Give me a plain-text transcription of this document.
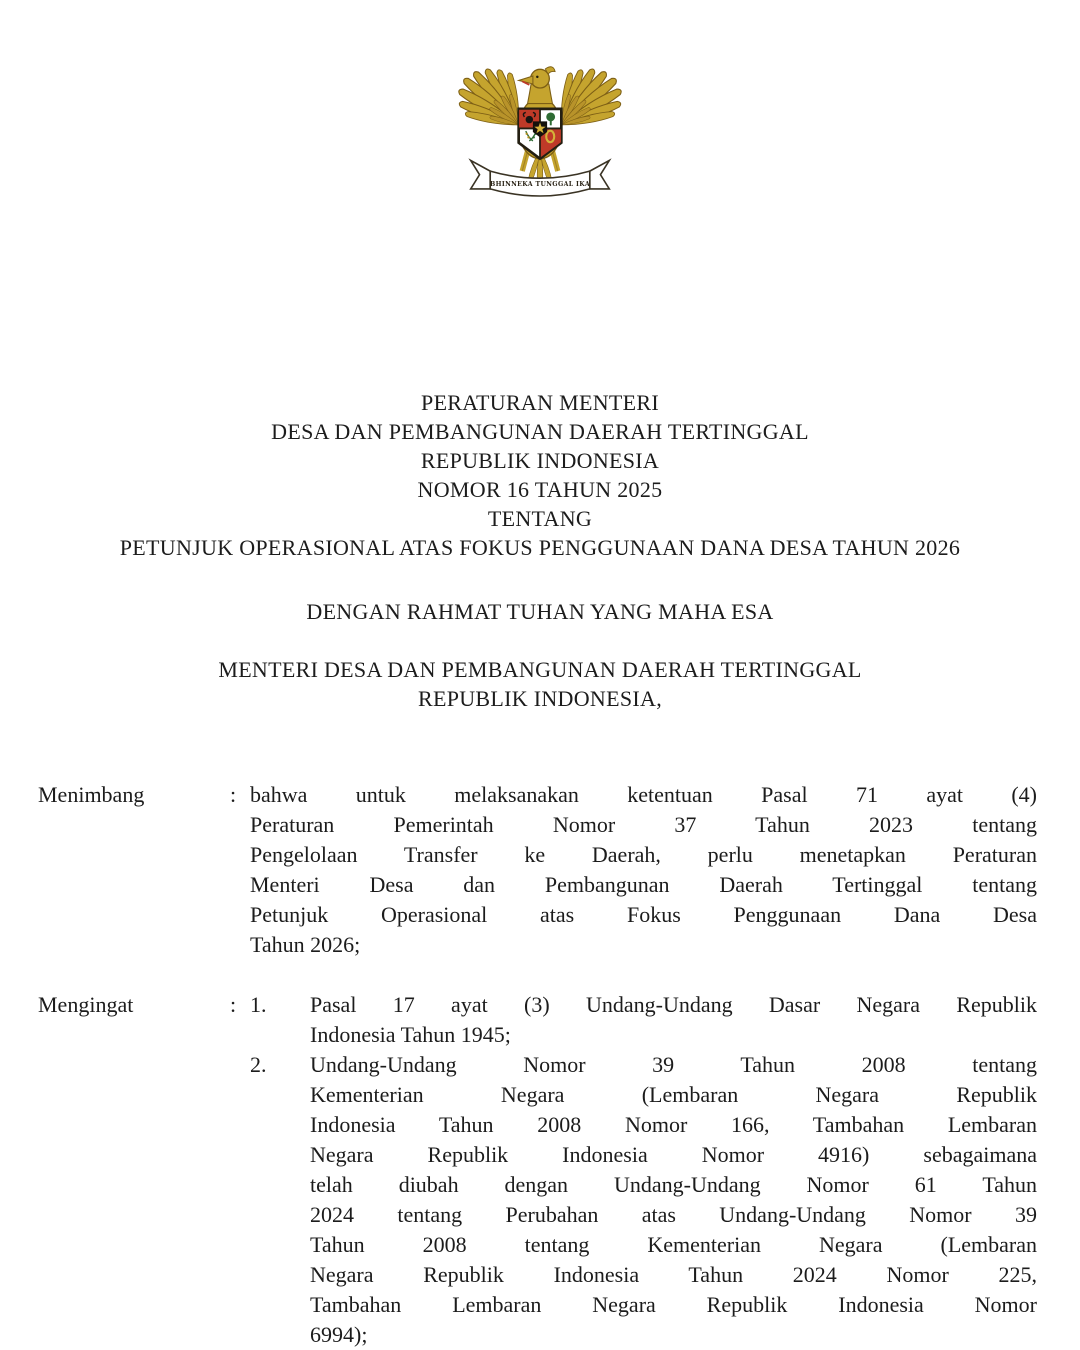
BHINNEKA TUNGGAL IKA
PERATURAN MENTERI
DESA DAN PEMBANGUNAN DAERAH TERTINGGAL
REPUBLIK INDONESIA
NOMOR 16 TAHUN 2025
TENTANG
PETUNJUK OPERASIONAL ATAS FOKUS PENGGUNAAN DANA DESA TAHUN 2026
DENGAN RAHMAT TUHAN YANG MAHA ESA
MENTERI DESA DAN PEMBANGUNAN DAERAH TERTINGGAL
REPUBLIK INDONESIA,
Menimbang	: bahwa untuk melaksanakan ketentuan Pasal 71 ayat (4)
Peraturan Pemerintah Nomor 37 Tahun 2023 tentang
Pengelolaan Transfer ke Daerah, perlu menetapkan Peraturan
Menteri Desa dan Pembangunan Daerah Tertinggal tentang
Petunjuk Operasional atas Fokus Penggunaan Dana Desa
Tahun 2026;
Mengingat	: 1.	Pasal 17 ayat (3) Undang-Undang Dasar Negara Republik
Indonesia Tahun 1945;
2.	Undang-Undang Nomor 39 Tahun 2008 tentang
Kementerian Negara (Lembaran Negara Republik
Indonesia Tahun 2008 Nomor 166, Tambahan Lembaran
Negara Republik Indonesia Nomor 4916) sebagaimana
telah diubah dengan Undang-Undang Nomor 61 Tahun
2024 tentang Perubahan atas Undang-Undang Nomor 39
Tahun 2008 tentang Kementerian Negara (Lembaran
Negara Republik Indonesia Tahun 2024 Nomor 225,
Tambahan Lembaran Negara Republik Indonesia Nomor
6994);
